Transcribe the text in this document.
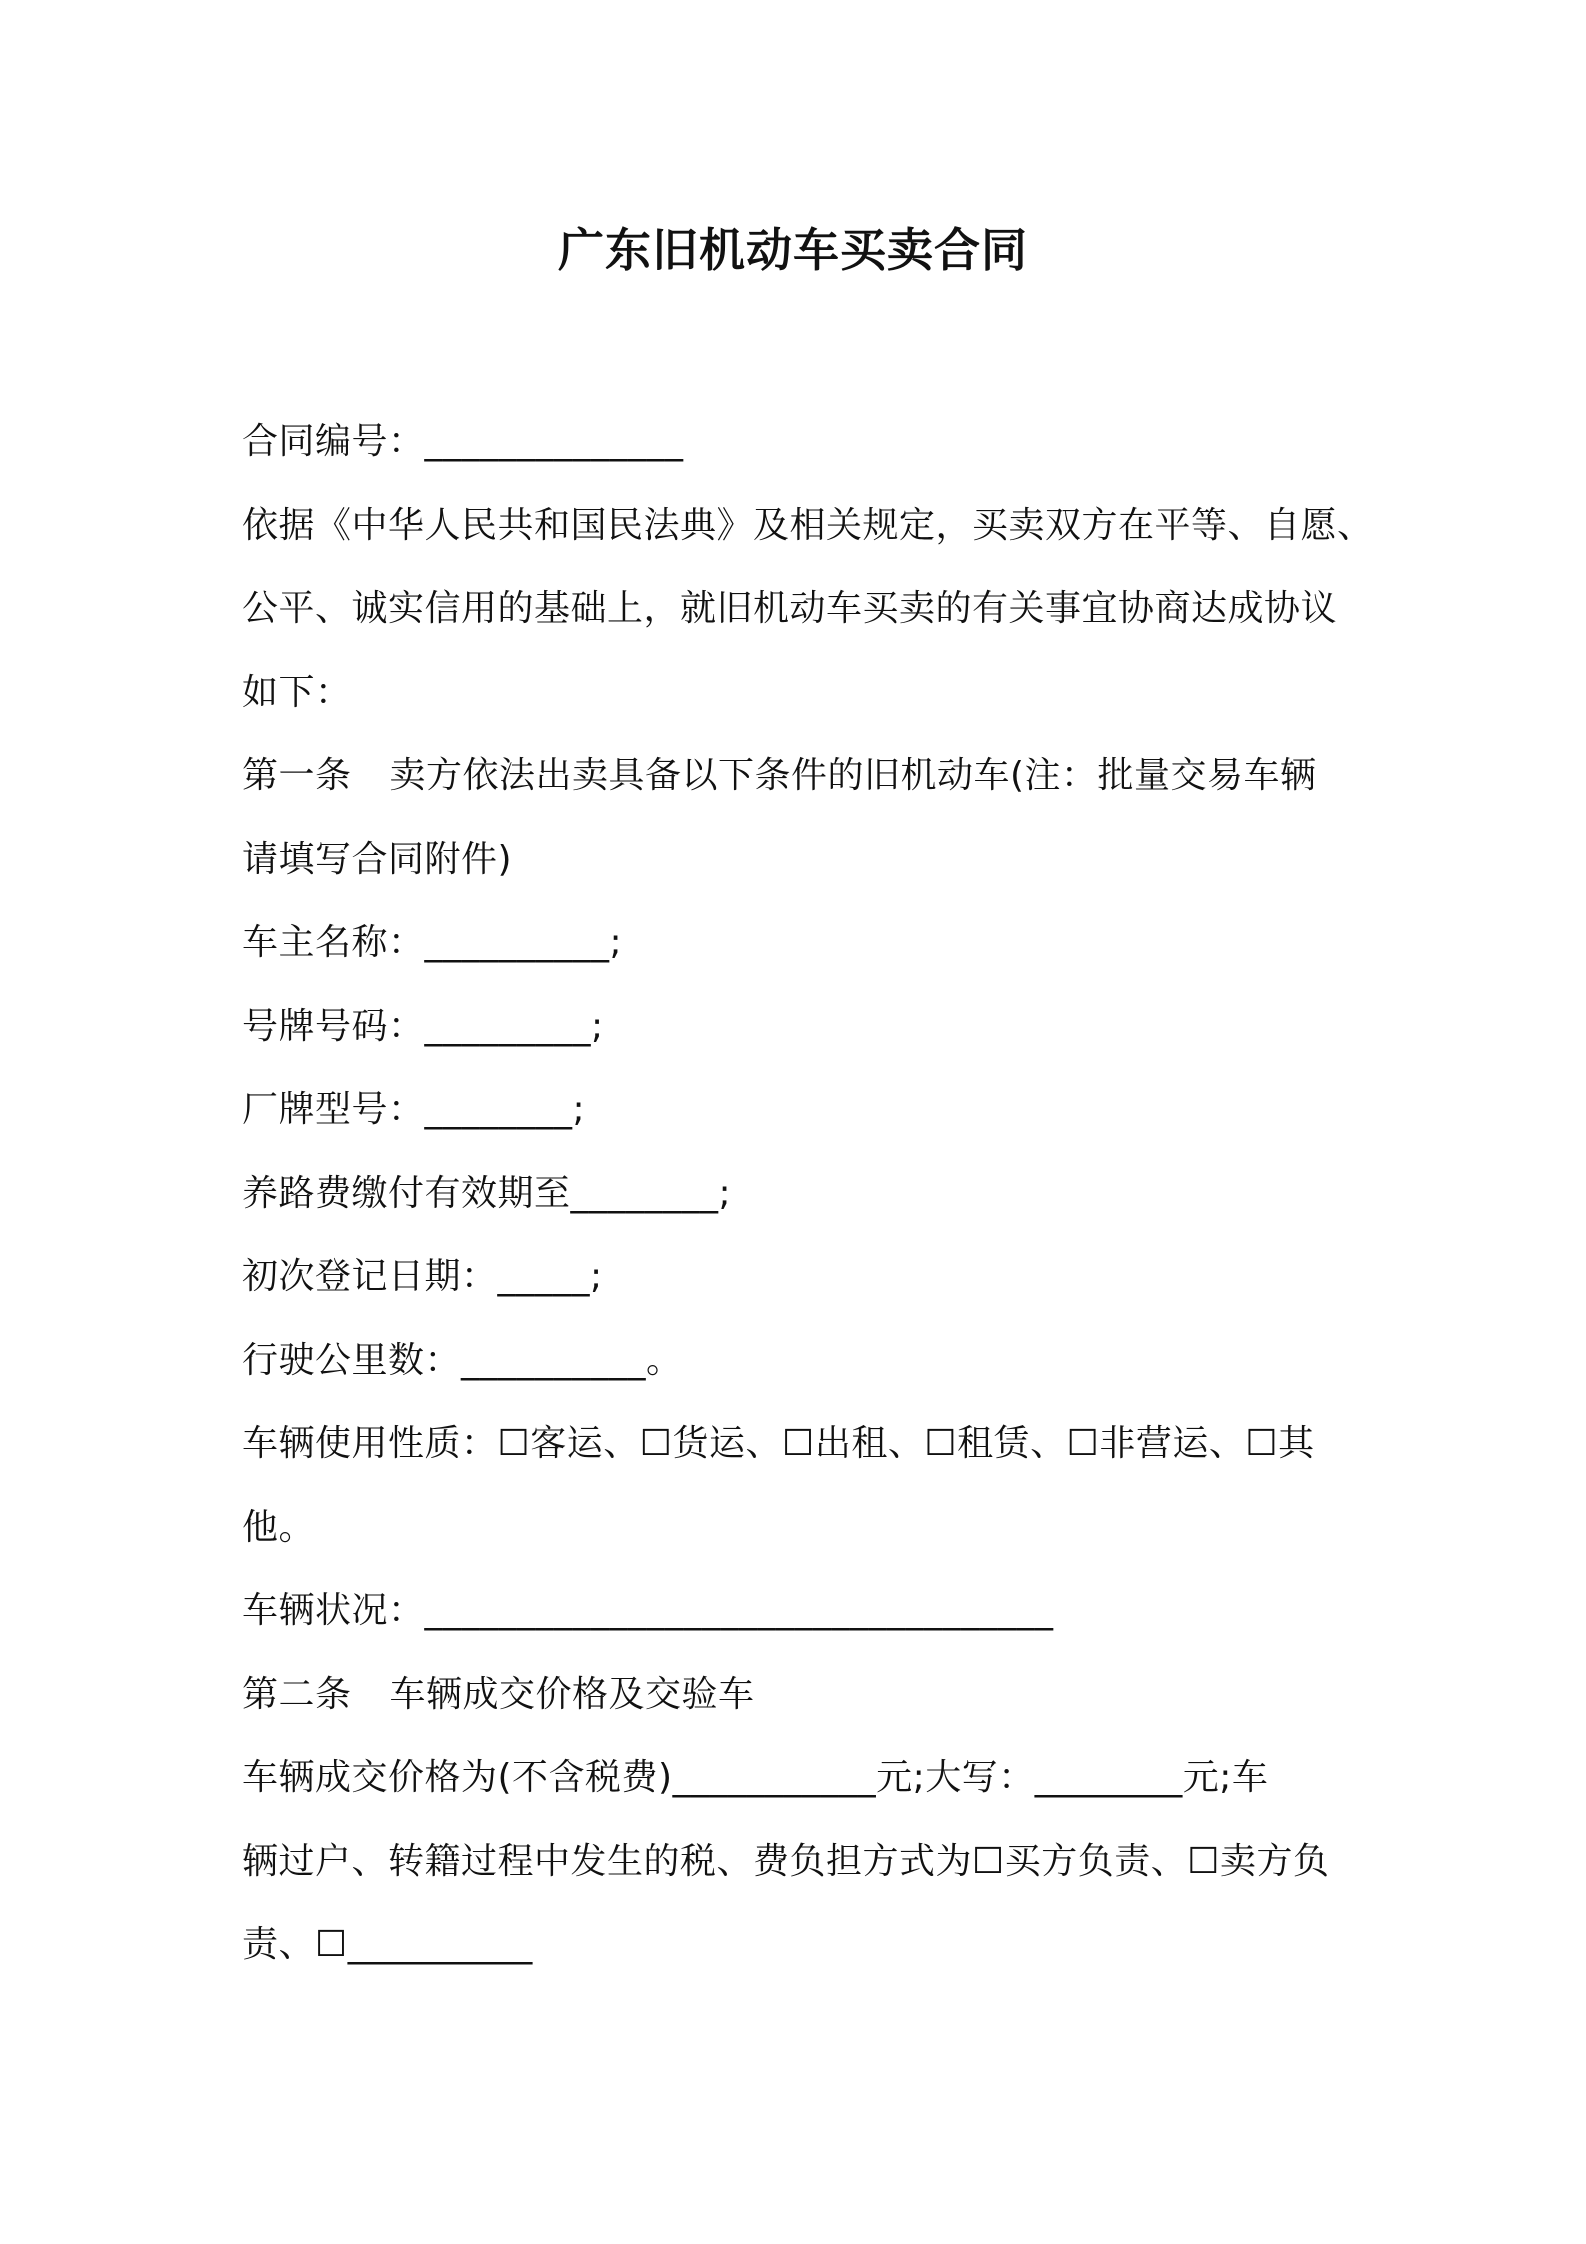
广东旧机动车买卖合同
合同编号：______________
依据《中华人民共和国民法典》及相关规定，买卖双方在平等、自愿、
公平、诚实信用的基础上，就旧机动车买卖的有关事宜协商达成协议
如下：
第一条 卖方依法出卖具备以下条件的旧机动车(注：批量交易车辆
请填写合同附件)
车主名称：__________;
号牌号码：_________;
厂牌型号：________;
养路费缴付有效期至________;
初次登记日期：_____;
行驶公里数：__________。
车辆使用性质：☐客运、☐货运、☐出租、☐租赁、☐非营运、☐其
他。
车辆状况：__________________________________
第二条 车辆成交价格及交验车
车辆成交价格为(不含税费)___________元;大写：________元;车
辆过户、转籍过程中发生的税、费负担方式为☐买方负责、☐卖方负
责、☐__________
